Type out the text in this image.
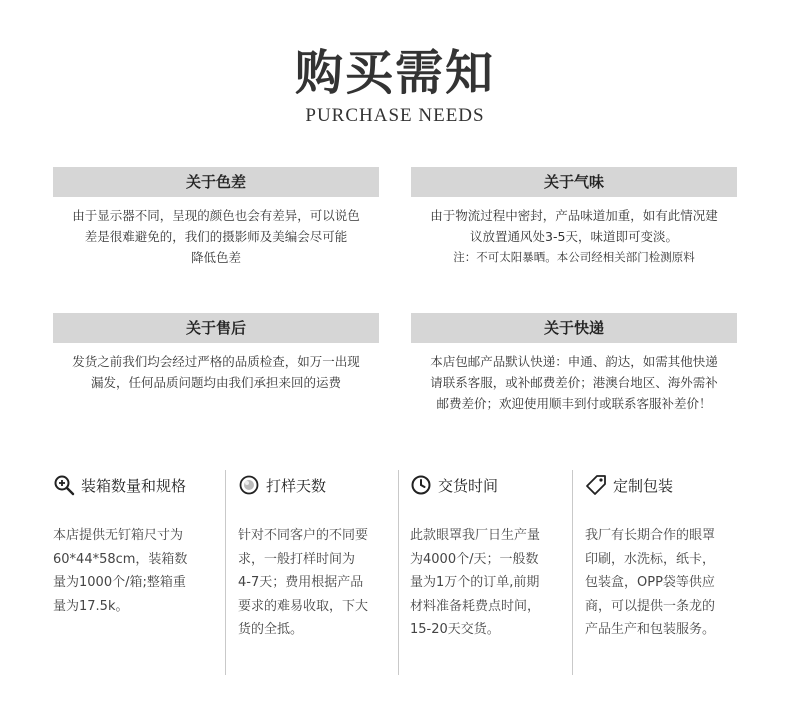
购买需知
PURCHASE NEEDS
关于色差
由于显示器不同，呈现的颜色也会有差异，可以说色
差是很难避免的，我们的摄影师及美编会尽可能
降低色差
关于气味
由于物流过程中密封，产品味道加重，如有此情况建
议放置通风处3-5天，味道即可变淡。
注：不可太阳暴晒。本公司经相关部门检测原料
关于售后
发货之前我们均会经过严格的品质检查，如万一出现
漏发，任何品质问题均由我们承担来回的运费
关于快递
本店包邮产品默认快递：申通、韵达，如需其他快递
请联系客服，或补邮费差价；港澳台地区、海外需补
邮费差价；欢迎使用顺丰到付或联系客服补差价！
装箱数量和规格
本店提供无钉箱尺寸为
60*44*58cm，装箱数
量为1000个/箱;整箱重
量为17.5k。
打样天数
针对不同客户的不同要
求，一般打样时间为
4-7天；费用根据产品
要求的难易收取，下大
货的全抵。
交货时间
此款眼罩我厂日生产量
为4000个/天；一般数
量为1万个的订单,前期
材料准备耗费点时间，
15-20天交货。
定制包装
我厂有长期合作的眼罩
印刷，水洗标，纸卡，
包装盒，OPP袋等供应
商，可以提供一条龙的
产品生产和包装服务。
